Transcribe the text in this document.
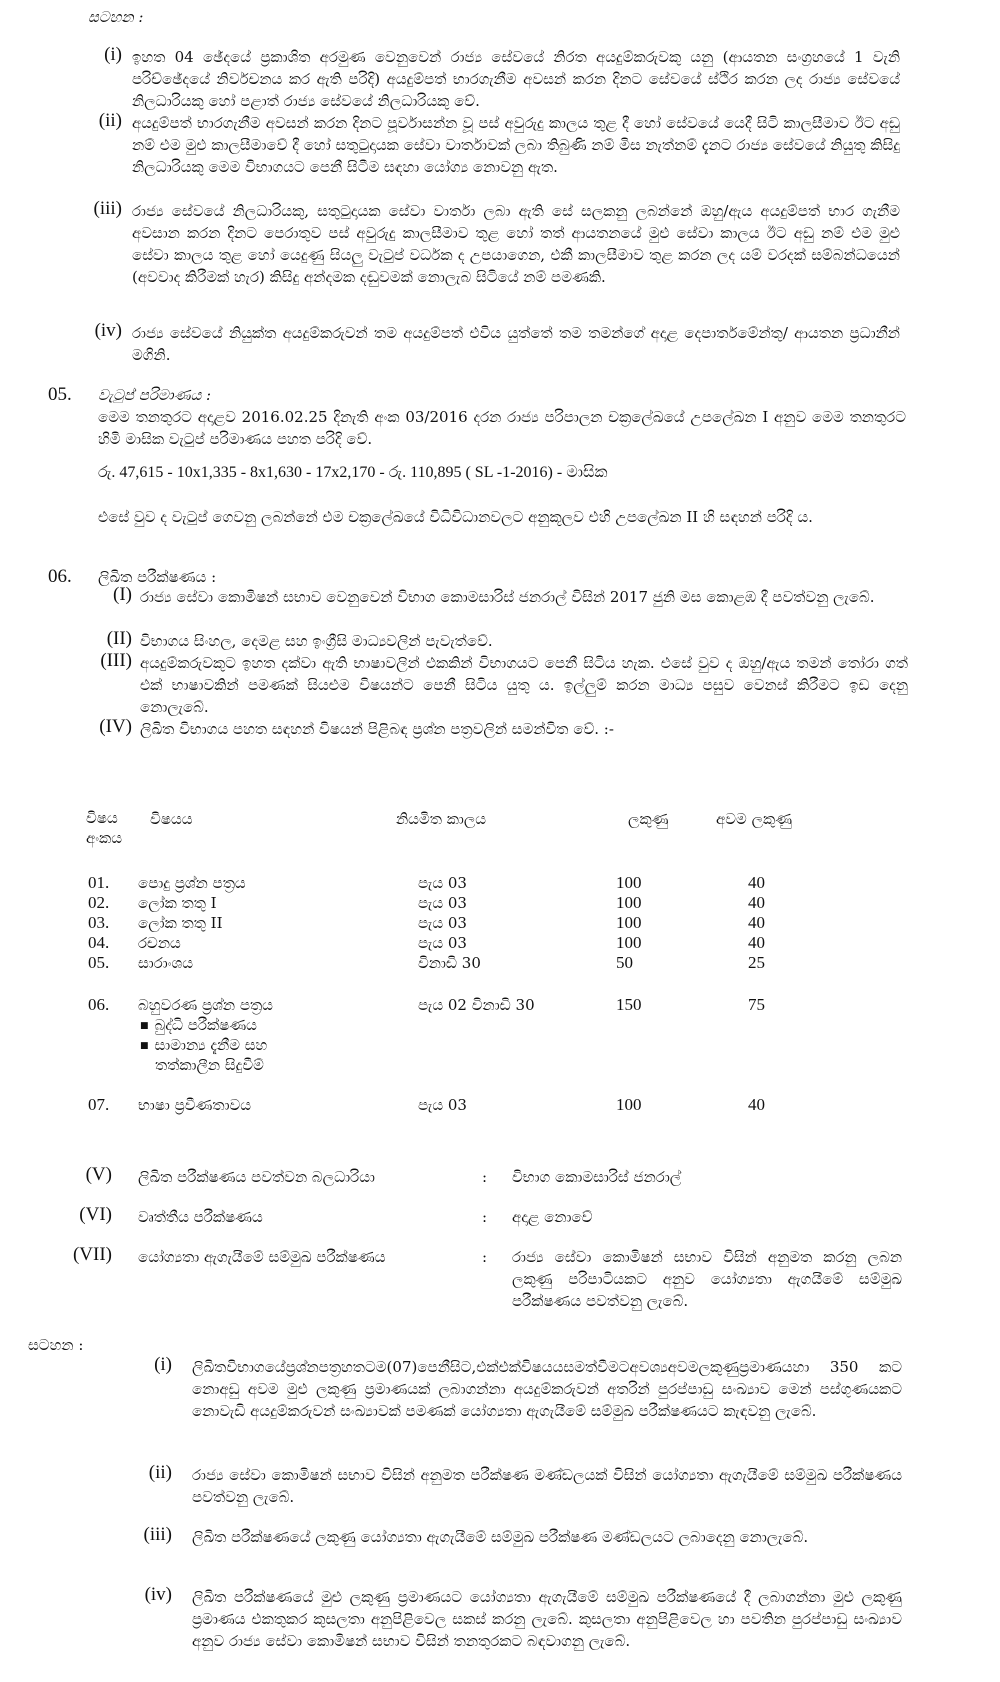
සටහන :
(i) ඉහත 04 ඡේදයේ ප්‍රකාශිත අරමුණ වෙනුවෙන් රාජ්‍ය සේවයේ නිරත අයදුම්කරුවකු යනු (ආයතන සංග්‍රහයේ 1 වැනි පරිච්ඡේදයේ නිර්වචනය කර ඇති පරිදි) අයදුම්පත් භාරගැනීම අවසන් කරන දිනට සේවයේ ස්ථිර කරන ලද රාජ්‍ය සේවයේ නිලධාරියකු හෝ පළාත් රාජ්‍ය සේවයේ නිලධාරියකු වේ.
(ii) අයදුම්පත් භාරගැනීම අවසන් කරන දිනට පූර්වාසන්න වූ පස් අවුරුදු කාලය තුළ දී හෝ සේවයේ යෙදී සිටි කාලසීමාව ඊට අඩු නම් එම මුළු කාලසීමාවේ දී හෝ සතුටුදායක සේවා වාර්තාවක් ලබා තිබුණි නම් මිස නැත්නම් දැනට රාජ්‍ය සේවයේ නියුතු කිසිදු නිලධාරියකු මෙම විභාගයට පෙනී සිටීම සඳහා යෝග්‍ය නොවනු ඇත.
(iii) රාජ්‍ය සේවයේ නිලධාරියකු, සතුටුදායක සේවා වාර්තා ලබා ඇති සේ සලකනු ලබන්නේ ඔහු/ඇය අයදුම්පත් භාර ගැනීම අවසාන කරන දිනට පෙරාතුව පස් අවුරුදු කාලසීමාව තුළ හෝ තත් ආයතනයේ මුළු සේවා කාලය ඊට අඩු නම් එම මුළු සේවා කාලය තුළ හෝ යෙදුණු සියලු වැටුප් වර්ධක ද උපයාගෙන, එකී කාලසීමාව තුළ කරන ලද යම් වරදක් සම්බන්ධයෙන් (අවවාද කිරීමක් හැර) කිසිදු අන්දමක දඬුවමක් නොලැබ සිටියේ නම් පමණකි.
(iv) රාජ්‍ය සේවයේ නියුක්ත අයදුම්කරුවන් තම අයදුම්පත් එවිය යුත්තේ තම තමන්ගේ අදාළ දෙපාර්තමේන්තු/ ආයතන ප්‍රධානීන් මගිනි.
05. වැටුප් පරිමාණය :
මෙම තනතුරට අදාළව 2016.02.25 දිනැති අංක 03/2016 දරන රාජ්‍ය පරිපාලන චක්‍රලේඛයේ උපලේඛන I අනුව මෙම තනතුරට හිමි මාසික වැටුප් පරිමාණය පහත පරිදි වේ.
රු. 47,615 - 10x1,335 - 8x1,630 - 17x2,170 - රු. 110,895 ( SL -1-2016) - මාසික
එසේ වුව ද වැටුප් ගෙවනු ලබන්නේ එම චක්‍රලේඛයේ විධිවිධානවලට අනුකූලව එහි උපලේඛන II හි සඳහන් පරිදි ය.
06. ලිඛිත පරීක්ෂණය :
(I) රාජ්‍ය සේවා කොමිෂන් සභාව වෙනුවෙන් විභාග කොමසාරිස් ජනරාල් විසින් 2017 ජුනි මස කොළඹ දී පවත්වනු ලැබේ.
(II) විභාගය සිංහල, දෙමළ සහ ඉංග්‍රීසි මාධ්‍යවලින් පැවැත්වේ.
(III) අයදුම්කරුවකුට ඉහත දක්වා ඇති භාෂාවලින් එකකින් විභාගයට පෙනී සිටිය හැක. එසේ වුව ද ඔහු/ඇය තමන් තෝරා ගත් එක් භාෂාවකින් පමණක් සියළුම විෂයන්ට පෙනී සිටිය යුතු ය. ඉල්ලුම් කරන මාධ්‍ය පසුව වෙනස් කිරීමට ඉඩ දෙනු නොලැබේ.
(IV) ලිඛිත විභාගය පහත සඳහන් විෂයන් පිළිබඳ ප්‍රශ්න පත්‍රවලින් සමන්විත වේ. :-
විෂය අංකය
විෂයය	නියමිත කාලය	ලකුණු	අවම ලකුණු
01. පොදු ප්‍රශ්න පත්‍රය	පැය 03	100	40
02. ලෝක තතු I	පැය 03	100	40
03. ලෝක තතු II	පැය 03	100	40
04. රචනය	පැය 03	100	40
05. සාරාංශය	විනාඩි 30	50	25
06. බහුවරණ ප්‍රශ්න පත්‍රය	පැය 02 විනාඩි 30	150	75
■ බුද්ධි පරීක්ෂණය
■ සාමාන්‍ය දැනීම සහ
තත්කාලීන සිදුවීම්
07. භාෂා ප්‍රවීණතාවය	පැය 03	100	40
(V) ලිඛිත පරීක්ෂණය පවත්වන බලධාරියා	: විභාග කොමසාරිස් ජනරාල්
(VI) වෘත්තීය පරීක්ෂණය	: අදාළ නොවේ
(VII) යෝග්‍යතා ඇගැයීමේ සම්මුඛ පරීක්ෂණය	: රාජ්‍ය සේවා කොමිෂන් සභාව විසින් අනුමත කරනු ලබන ලකුණු පරිපාටියකට අනුව යෝග්‍යතා ඇගයීමේ සම්මුඛ පරීක්ෂණය පවත්වනු ලැබේ.
සටහන :
(i) ලිඛිතවිභාගයේප්‍රශ්නපත්‍රහතටම(07)පෙනීසිට,එක්එක්විෂයයසමත්වීමටඅවශ්‍යඅවමලකුණුප්‍රමාණයහා 350 කට නොඅඩු අවම මුළු ලකුණු ප්‍රමාණයක් ලබාගන්නා අයදුම්කරුවන් අතරින් පුරප්පාඩු සංඛ්‍යාව මෙන් පස්ගුණයකට නොවැඩි අයදුම්කරුවන් සංඛ්‍යාවක් පමණක් යෝග්‍යතා ඇගැයීමේ සම්මුඛ පරීක්ෂණයට කැඳවනු ලැබේ.
(ii) රාජ්‍ය සේවා කොමිෂන් සභාව විසින් අනුමත පරීක්ෂණ මණ්ඩලයක් විසින් යෝග්‍යතා ඇගැයීමේ සම්මුඛ පරීක්ෂණය පවත්වනු ලැබේ.
(iii) ලිඛිත පරීක්ෂණයේ ලකුණු යෝග්‍යතා ඇගැයීමේ සම්මුඛ පරීක්ෂණ මණ්ඩලයට ලබාදෙනු නොලැබේ.
(iv) ලිඛිත පරීක්ෂණයේ මුළු ලකුණු ප්‍රමාණයට යෝග්‍යතා ඇගැයීමේ සම්මුඛ පරීක්ෂණයේ දී ලබාගන්නා මුළු ලකුණු ප්‍රමාණය එකතුකර කුසලතා අනුපිළිවෙල සකස් කරනු ලැබේ. කුසලතා අනුපිළිවෙල හා පවතින පුරප්පාඩු සංඛ්‍යාව අනුව රාජ්‍ය සේවා කොමිෂන් සභාව විසින් තනතුරකට බඳවාගනු ලැබේ.
